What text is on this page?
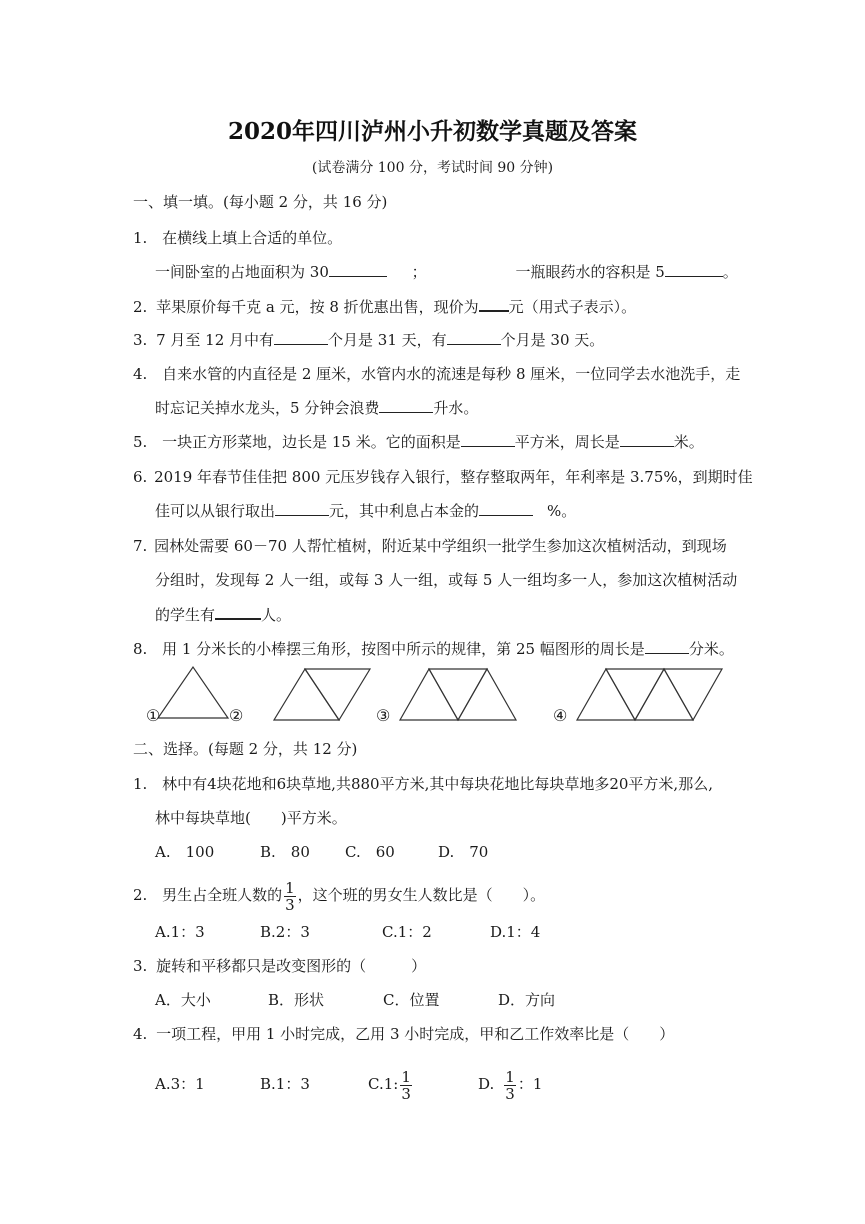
2020年四川泸州小升初数学真题及答案
(试卷满分 100 分，考试时间 90 分钟)
一、填一填。(每小题 2 分，共 16 分)
1. 在横线上填上合适的单位。
一间卧室的占地面积为 30	；	一瓶眼药水的容积是 5	。
2. 苹果原价每千克 a 元，按 8 折优惠出售，现价为 元（用式子表示）。
3. 7 月至 12 月中有	个月是 31 天，有	个月是 30 天。
4. 自来水管的内直径是 2 厘米，水管内水的流速是每秒 8 厘米，一位同学去水池洗手，走
时忘记关掉水龙头，5 分钟会浪费	升水。
5. 一块正方形菜地，边长是 15 米。它的面积是	平方米，周长是	米。
6. 2019 年春节佳佳把 800 元压岁钱存入银行，整存整取两年，年利率是 3.75%，到期时佳
佳可以从银行取出	元，其中利息占本金的	%。
7. 园林处需要 60－70 人帮忙植树，附近某中学组织一批学生参加这次植树活动，到现场
分组时，发现每 2 人一组，或每 3 人一组，或每 5 人一组均多一人，参加这次植树活动
的学生有	人。
8. 用 1 分米长的小棒摆三角形，按图中所示的规律，第 25 幅图形的周长是	分米。
①	②	③	④
二、选择。(每题 2 分，共 12 分)
1. 林中有4块花地和6块草地,共880平方米,其中每块花地比每块草地多20平方米,那么,
林中每块草地(　　)平方米。
A.　100	B.　80 C.　60	D.　70
2. 男生占全班人数的 $\frac{1}{3}$ ，这个班的男女生人数比是（　　）。
A.1：3	B.2：3	C.1：2	D.1：4
3. 旋转和平移都只是改变图形的（　　　）
A．大小	B．形状	C．位置	D．方向
4. 一项工程，甲用 1 小时完成，乙用 3 小时完成，甲和乙工作效率比是（　　）
A.3：1	B.1：3	C.1: $\frac{1}{3}$	D. $\frac{1}{3}$ ：1
